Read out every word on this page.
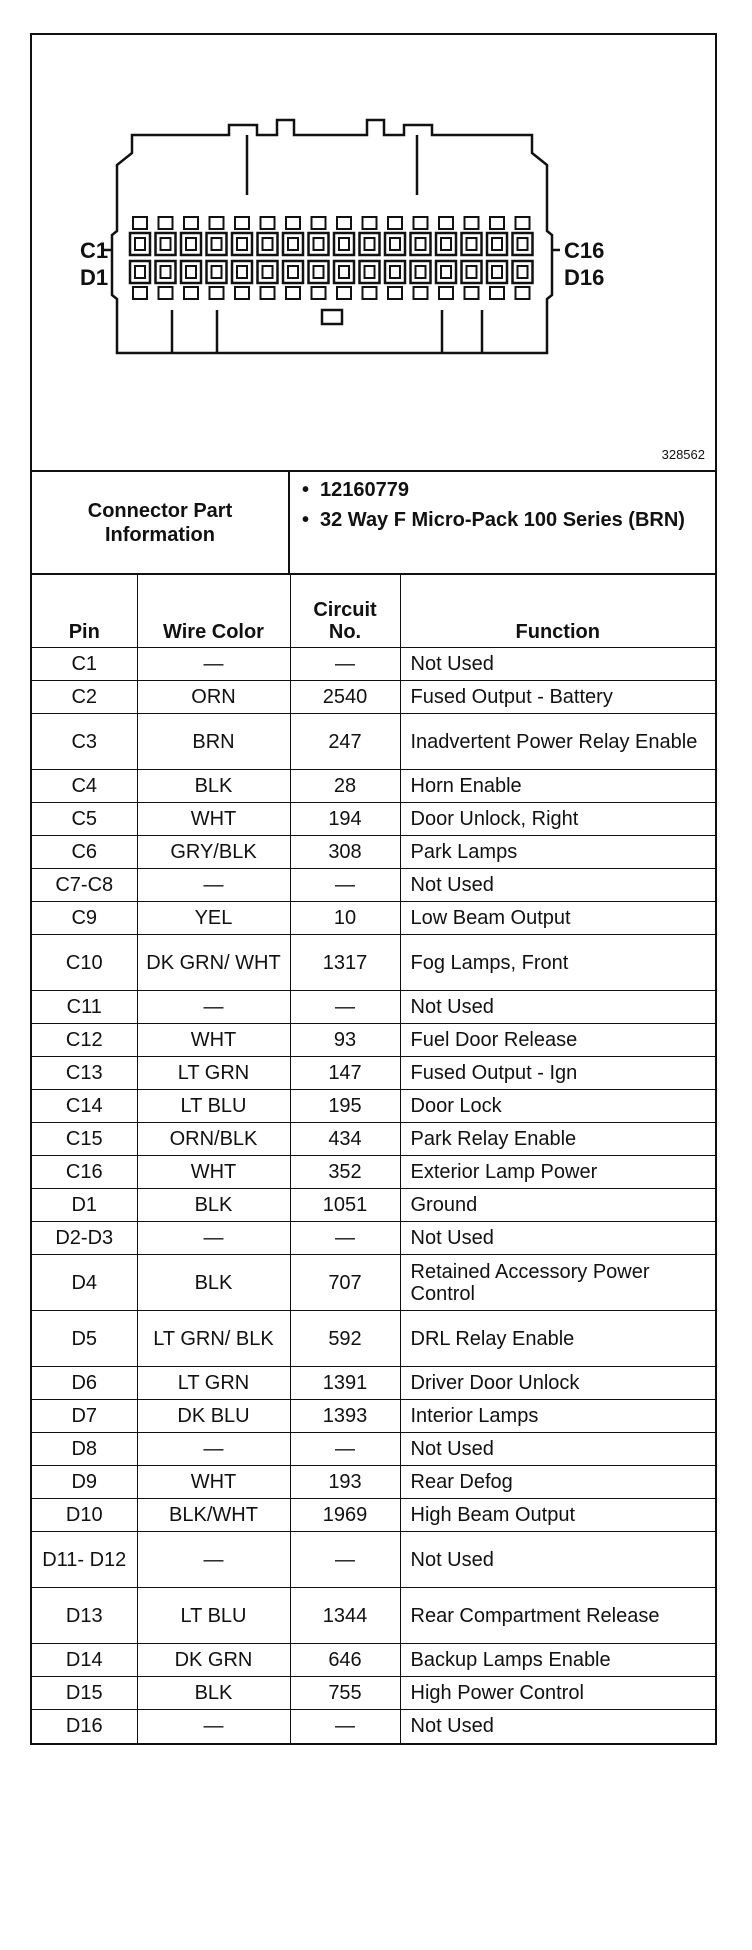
C1
D1
C16
D16
328562
Connector Part Information
• 12160779
• 32 Way F Micro-Pack 100 Series (BRN)
Pin	Wire Color	Circuit No.	Function
C1	—	—	Not Used
C2	ORN	2540	Fused Output - Battery
C3	BRN	247	Inadvertent Power Relay Enable
C4	BLK	28	Horn Enable
C5	WHT	194	Door Unlock, Right
C6	GRY/BLK	308	Park Lamps
C7-C8	—	—	Not Used
C9	YEL	10	Low Beam Output
C10	DK GRN/ WHT	1317	Fog Lamps, Front
C11	—	—	Not Used
C12	WHT	93	Fuel Door Release
C13	LT GRN	147	Fused Output - Ign
C14	LT BLU	195	Door Lock
C15	ORN/BLK	434	Park Relay Enable
C16	WHT	352	Exterior Lamp Power
D1	BLK	1051	Ground
D2-D3	—	—	Not Used
D4	BLK	707	Retained Accessory Power Control
D5	LT GRN/ BLK	592	DRL Relay Enable
D6	LT GRN	1391	Driver Door Unlock
D7	DK BLU	1393	Interior Lamps
D8	—	—	Not Used
D9	WHT	193	Rear Defog
D10	BLK/WHT	1969	High Beam Output
D11- D12	—	—	Not Used
D13	LT BLU	1344	Rear Compartment Release
D14	DK GRN	646	Backup Lamps Enable
D15	BLK	755	High Power Control
D16	—	—	Not Used
